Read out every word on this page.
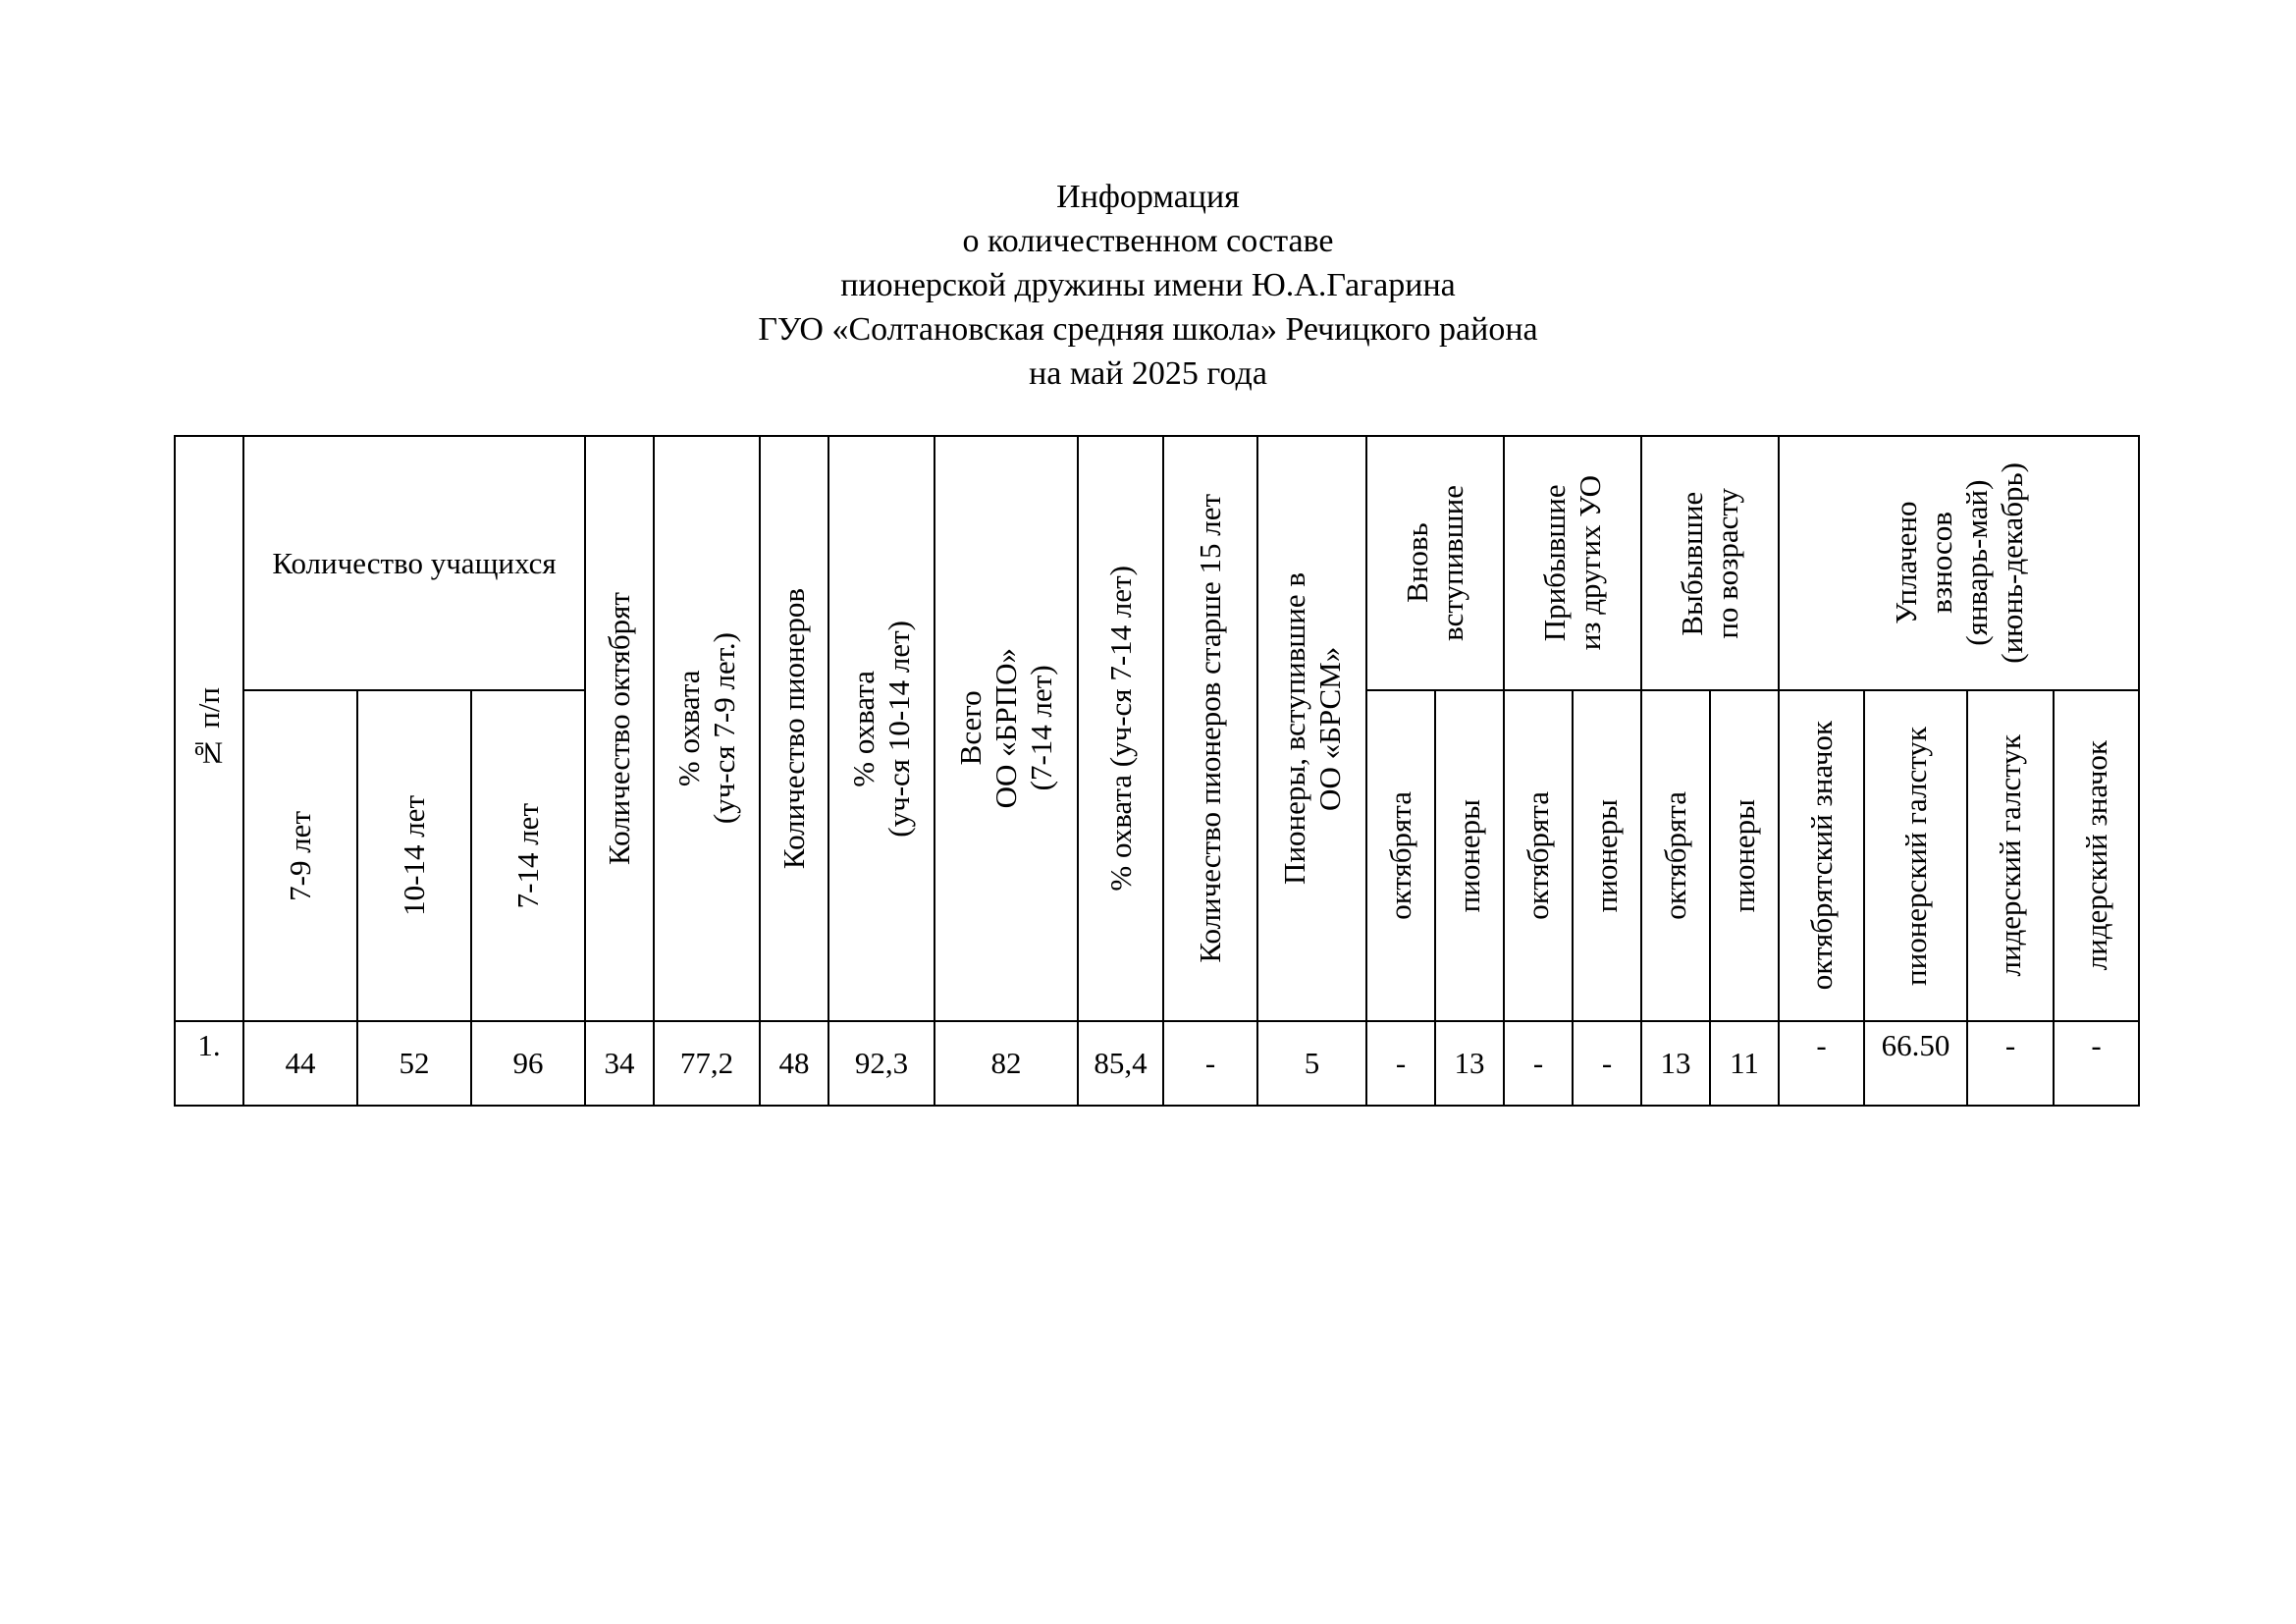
Информация
о количественном составе
пионерской дружины имени Ю.А.Гагарина
ГУО «Солтановская средняя школа» Речицкого района
на май 2025 года
№ п/п	Количество учащихся			Количество октябрят	% охвата (уч-ся 7-9 лет.)	Количество пионеров	% охвата (уч-ся 10-14 лет)	Всего ОО «БРПО» (7-14 лет)	% охвата (уч-ся 7-14 лет)	Количество пионеров старше 15 лет	Пионеры, вступившие в ОО «БРСМ»	Вновь вступившие		Прибывшие из других УО		Выбывшие по возрасту		Уплачено взносов (январь-май) (июнь-декабрь)			

	7-9 лет	10-14 лет	7-14 лет									октябрята	пионеры	октябрята	пионеры	октябрята	пионеры	октябрятский значок	пионерский галстук	лидерский галстук	лидерский значок

1.	44	52	96	34	77,2	48	92,3	82	85,4	-	5	-	13	-	-	13	11	-	66.50	-	-
